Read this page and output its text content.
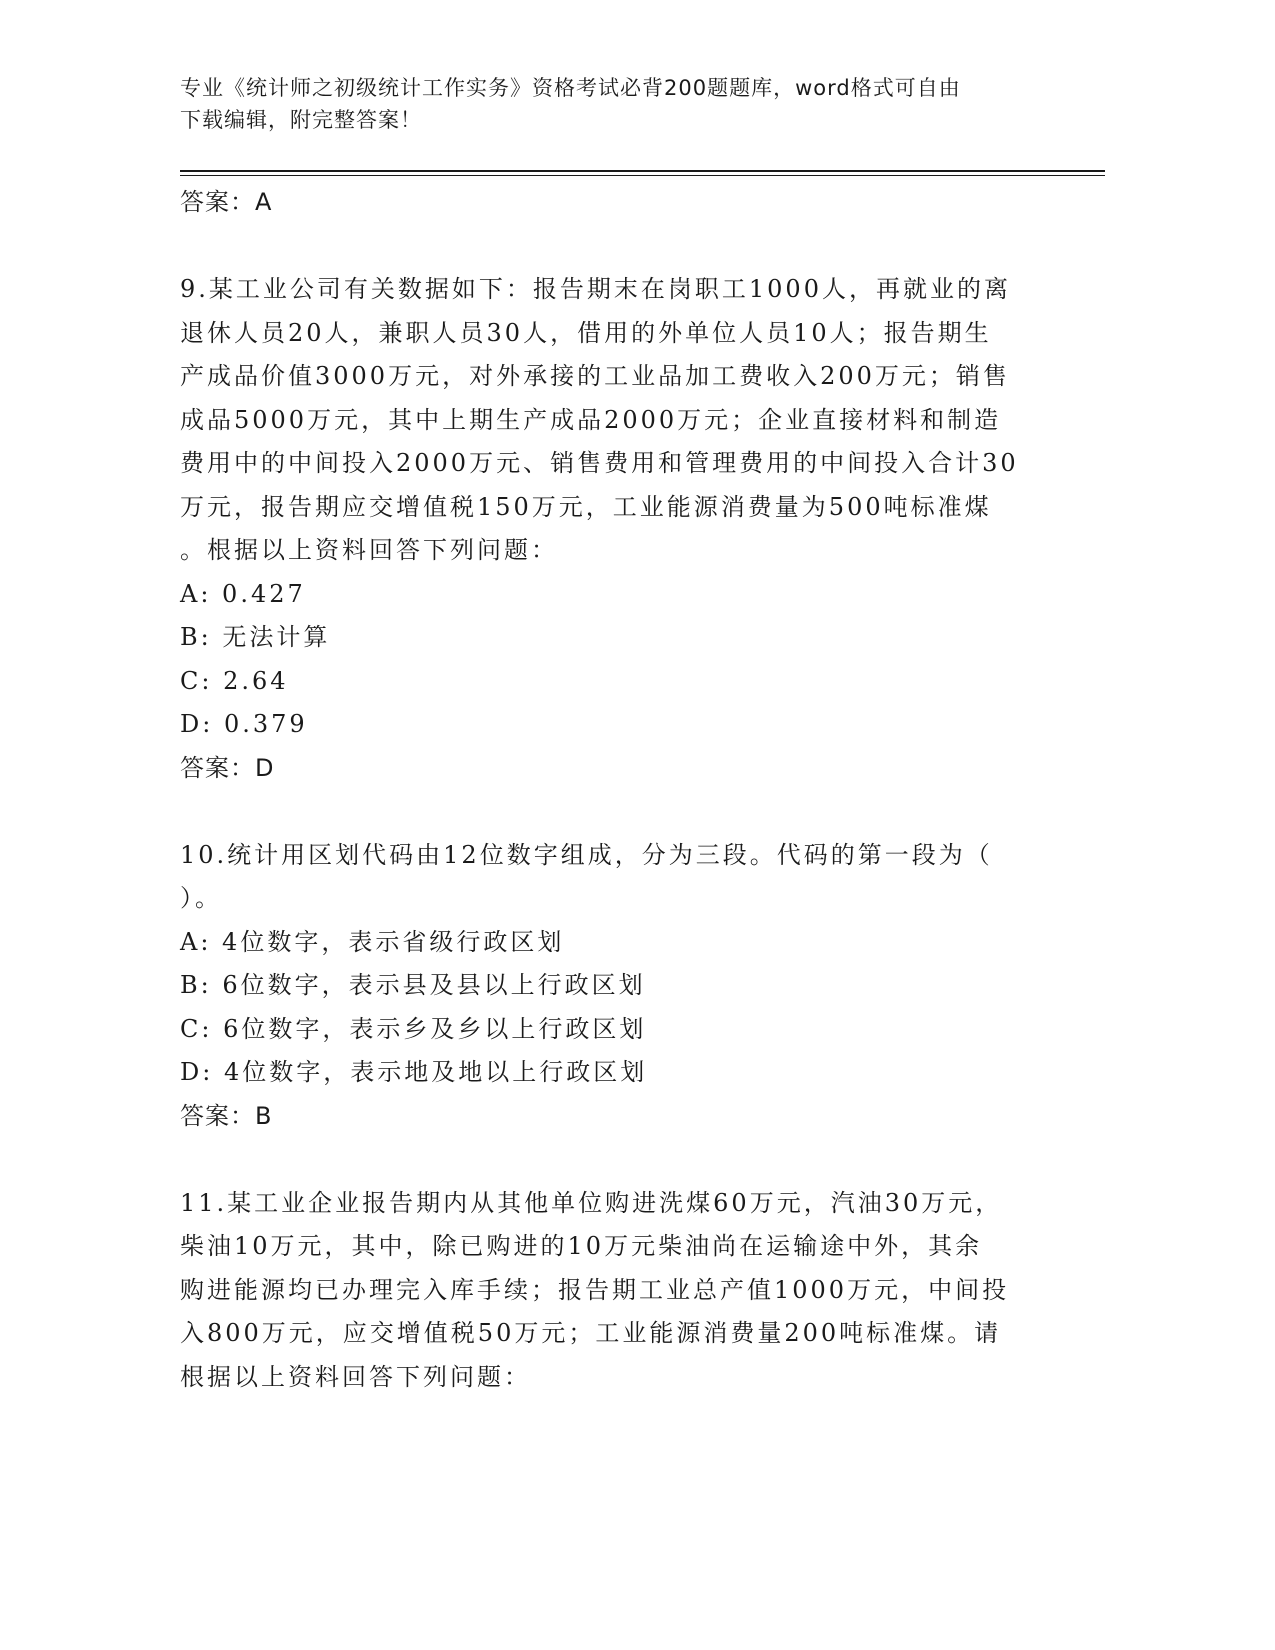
专业《统计师之初级统计工作实务》资格考试必背200题题库，word格式可自由
下载编辑，附完整答案！
答案：A

9.某工业公司有关数据如下：报告期末在岗职工1000人，再就业的离
退休人员20人，兼职人员30人，借用的外单位人员10人；报告期生
产成品价值3000万元，对外承接的工业品加工费收入200万元；销售
成品5000万元，其中上期生产成品2000万元；企业直接材料和制造
费用中的中间投入2000万元、销售费用和管理费用的中间投入合计30
万元，报告期应交增值税150万元，工业能源消费量为500吨标准煤
。根据以上资料回答下列问题：

A: 0.427
B: 无法计算
C: 2.64
D: 0.379
答案：D

10.统计用区划代码由12位数字组成，分为三段。代码的第一段为（
）。

A: 4位数字，表示省级行政区划
B: 6位数字，表示县及县以上行政区划
C: 6位数字，表示乡及乡以上行政区划
D: 4位数字，表示地及地以上行政区划
答案：B

11.某工业企业报告期内从其他单位购进洗煤60万元，汽油30万元，
柴油10万元，其中，除已购进的10万元柴油尚在运输途中外，其余
购进能源均已办理完入库手续；报告期工业总产值1000万元，中间投
入800万元，应交增值税50万元；工业能源消费量200吨标准煤。请
根据以上资料回答下列问题：
